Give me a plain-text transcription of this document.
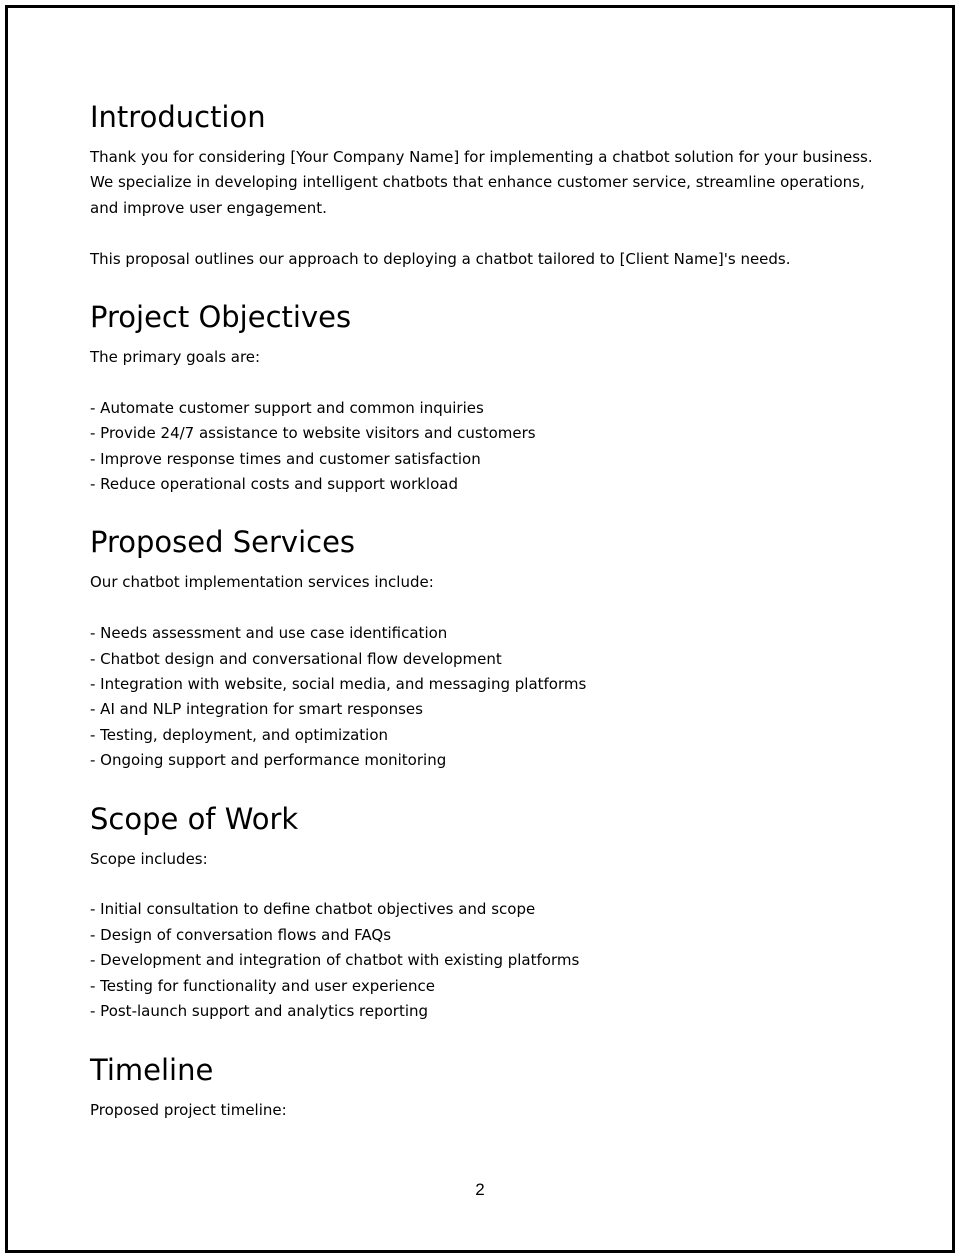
Introduction

Thank you for considering [Your Company Name] for implementing a chatbot solution for your business. We specialize in developing intelligent chatbots that enhance customer service, streamline operations, and improve user engagement.

This proposal outlines our approach to deploying a chatbot tailored to [Client Name]'s needs.

Project Objectives

The primary goals are:

- Automate customer support and common inquiries
- Provide 24/7 assistance to website visitors and customers
- Improve response times and customer satisfaction
- Reduce operational costs and support workload
Proposed Services

Our chatbot implementation services include:

- Needs assessment and use case identification
- Chatbot design and conversational flow development
- Integration with website, social media, and messaging platforms
- AI and NLP integration for smart responses
- Testing, deployment, and optimization
- Ongoing support and performance monitoring
Scope of Work

Scope includes:

- Initial consultation to define chatbot objectives and scope
- Design of conversation flows and FAQs
- Development and integration of chatbot with existing platforms
- Testing for functionality and user experience
- Post-launch support and analytics reporting
Timeline

Proposed project timeline:

2
